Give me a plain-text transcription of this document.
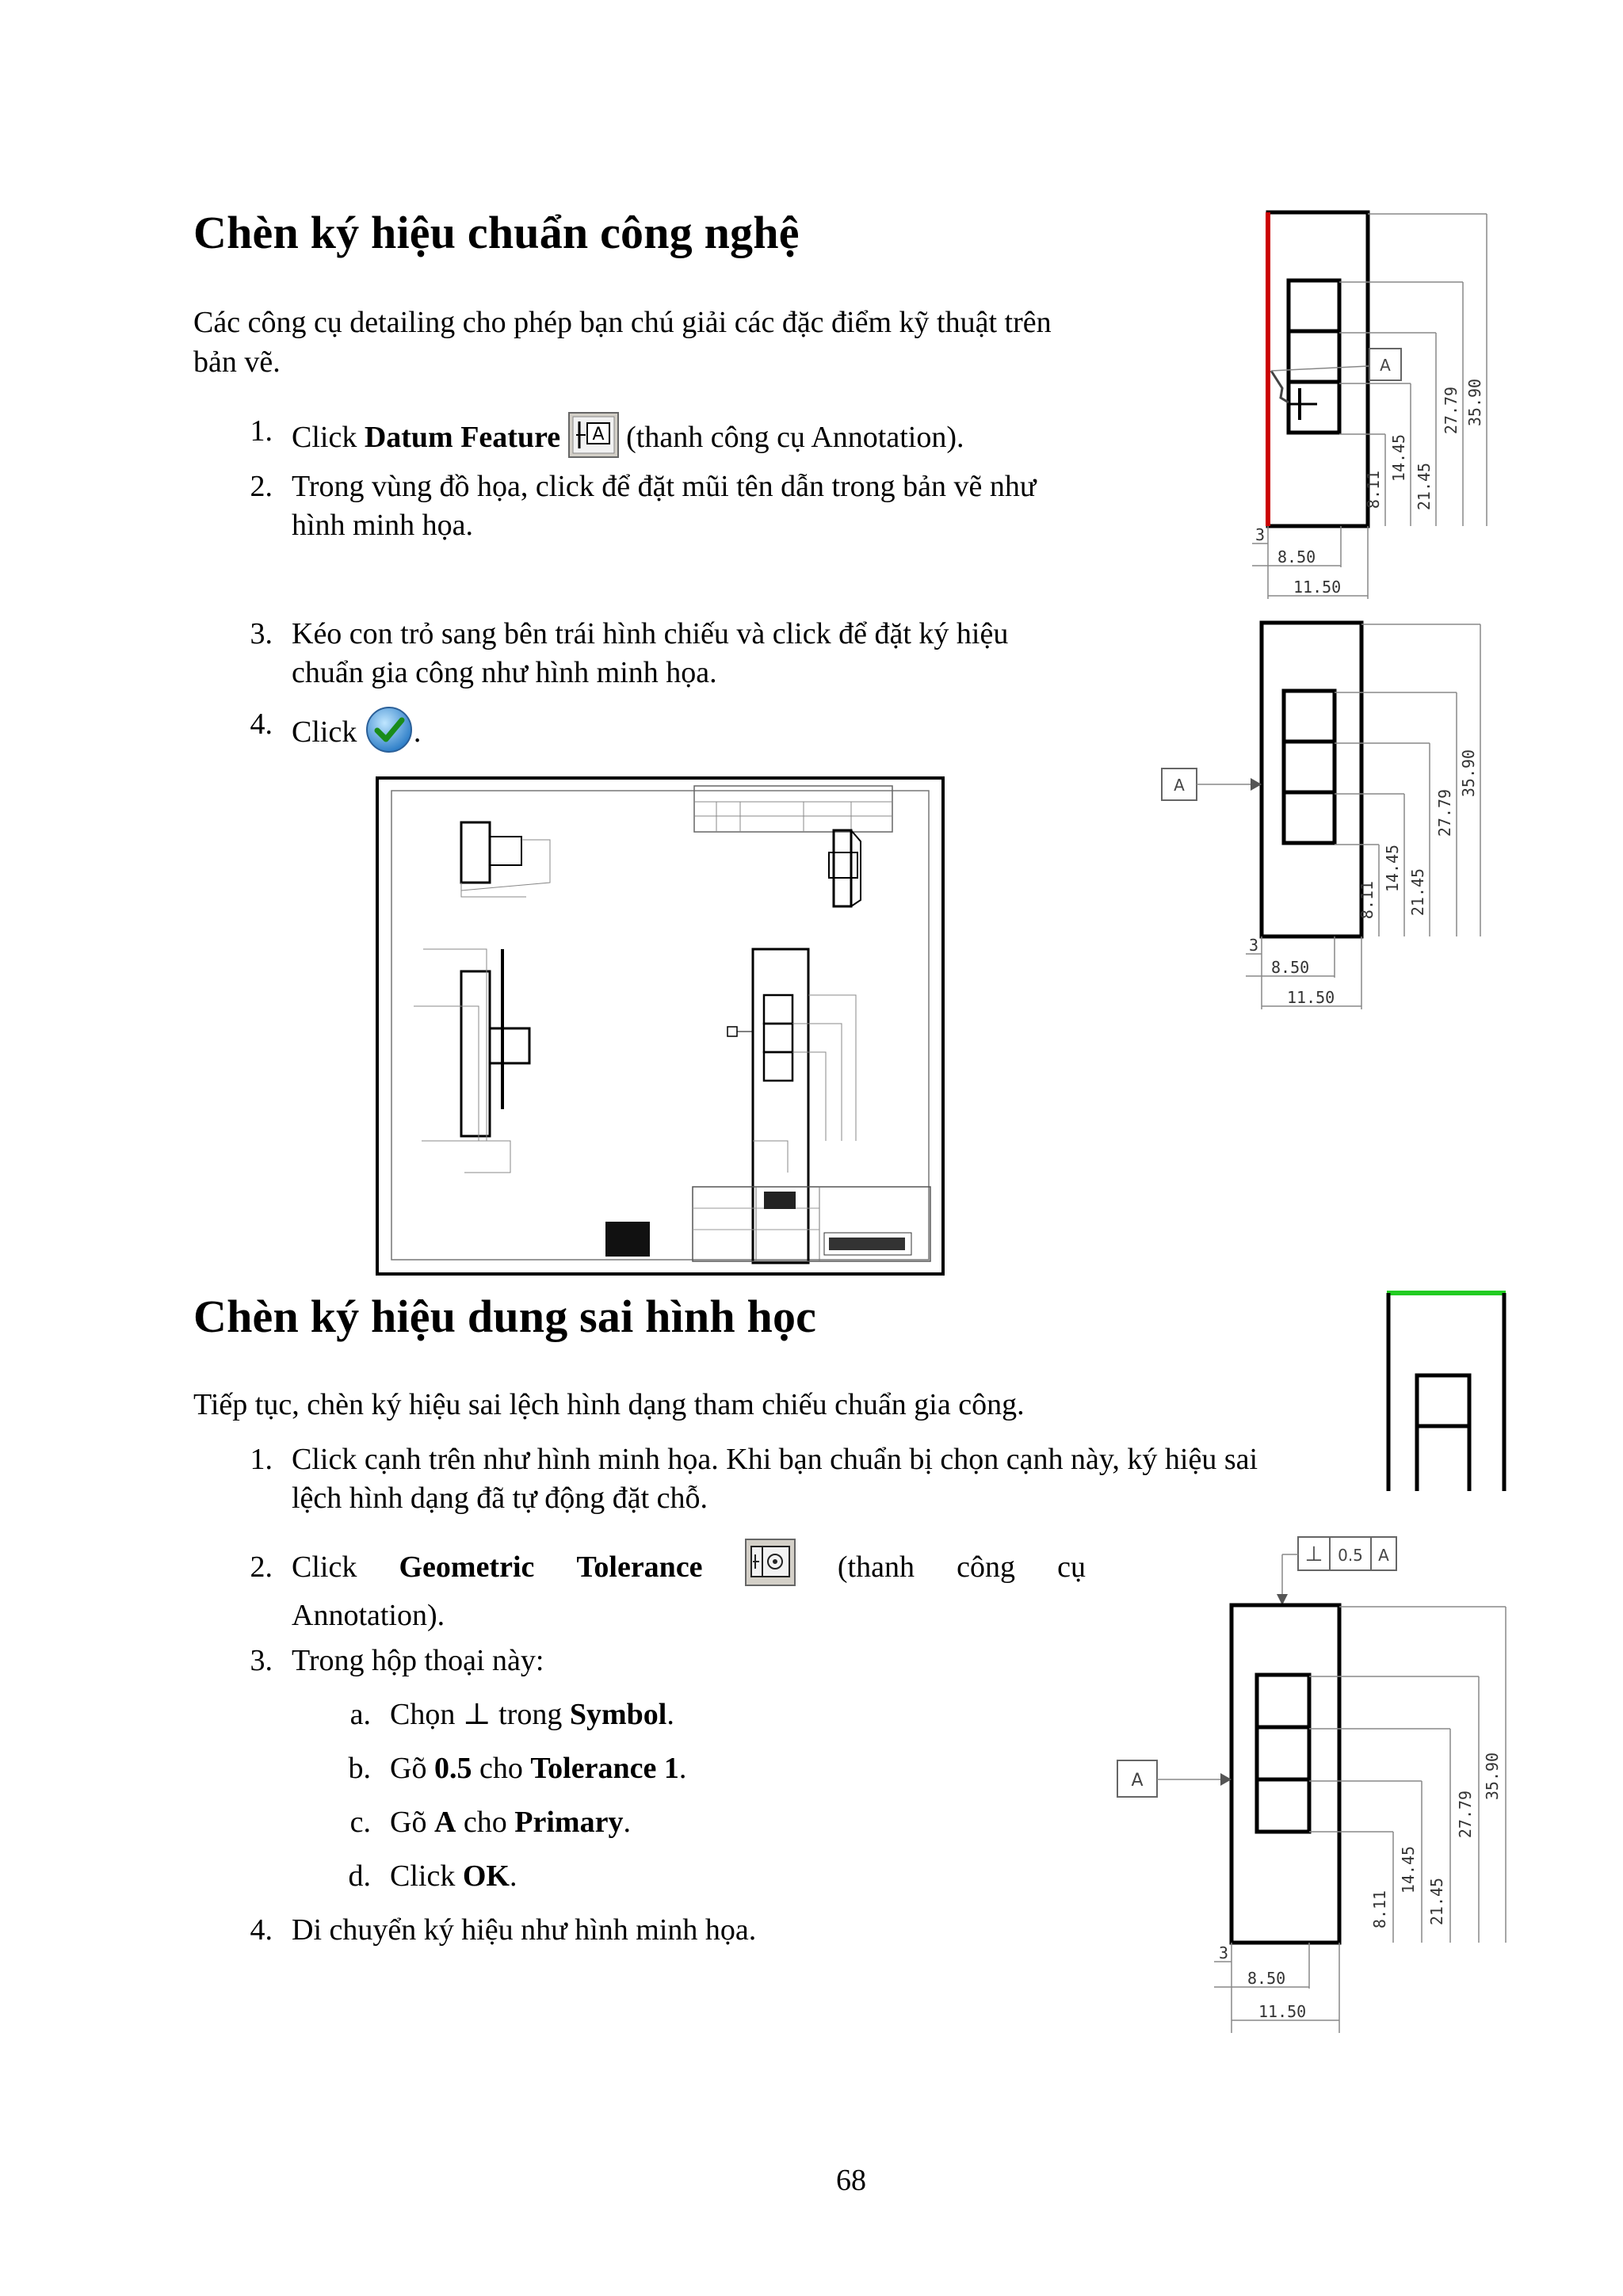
Chèn ký hiệu chuẩn công nghệ
Các công cụ detailing cho phép bạn chú giải các đặc điểm kỹ thuật trên
bản vẽ.
1. Click Datum Feature A (thanh công cụ Annotation).
2. Trong vùng đồ họa, click để đặt mũi tên dẫn trong bản vẽ như
hình minh họa.
3. Kéo con trỏ sang bên trái hình chiếu và click để đặt ký hiệu
chuẩn gia công như hình minh họa.
4. Click .
A
35.90
27.79
21.45
14.45
8.11
3
8.50
11.50
A	35.90
27.79
21.45
14.45
8.11
3
8.50
11.50
Chèn ký hiệu dung sai hình học
Tiếp tục, chèn ký hiệu sai lệch hình dạng tham chiếu chuẩn gia công.
1. Click cạnh trên như hình minh họa. Khi bạn chuẩn bị chọn cạnh này, ký hiệu sai
lệch hình dạng đã tự động đặt chỗ.
2. Click Geometric Tolerance	(thanh công cụ
Annotation).
3. Trong hộp thoại này:
a. Chọn ⊥ trong Symbol.
b. Gõ 0.5 cho Tolerance 1.
c. Gõ A cho Primary.
d. Click OK.
4. Di chuyển ký hiệu như hình minh họa.
⊥ 0.5 A
A	35.90
27.79
21.45
14.45
8.11
3
8.50
11.50
68
